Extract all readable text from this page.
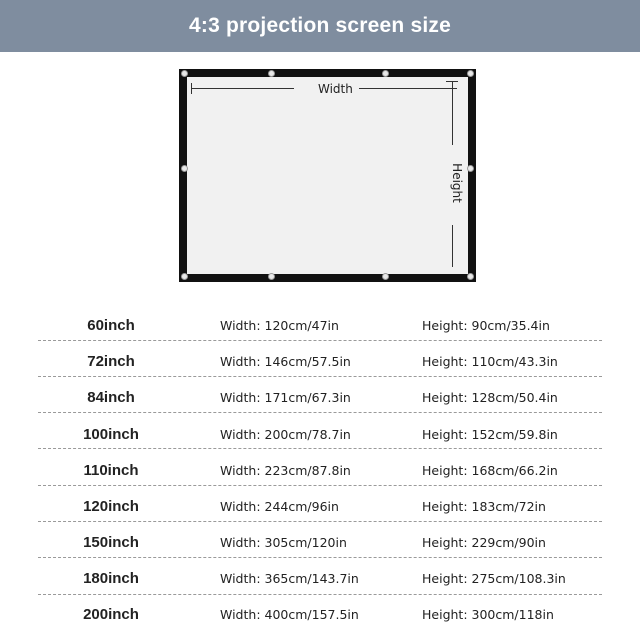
4:3 projection screen size
Width
Height
60inch	Width: 120cm/47in	Height: 90cm/35.4in
72inch	Width: 146cm/57.5in	Height: 110cm/43.3in
84inch	Width: 171cm/67.3in	Height: 128cm/50.4in
100inch	Width: 200cm/78.7in	Height: 152cm/59.8in
110inch	Width: 223cm/87.8in	Height: 168cm/66.2in
120inch	Width: 244cm/96in	Height: 183cm/72in
150inch	Width: 305cm/120in	Height: 229cm/90in
180inch	Width: 365cm/143.7in	Height: 275cm/108.3in
200inch	Width: 400cm/157.5in	Height: 300cm/118in
